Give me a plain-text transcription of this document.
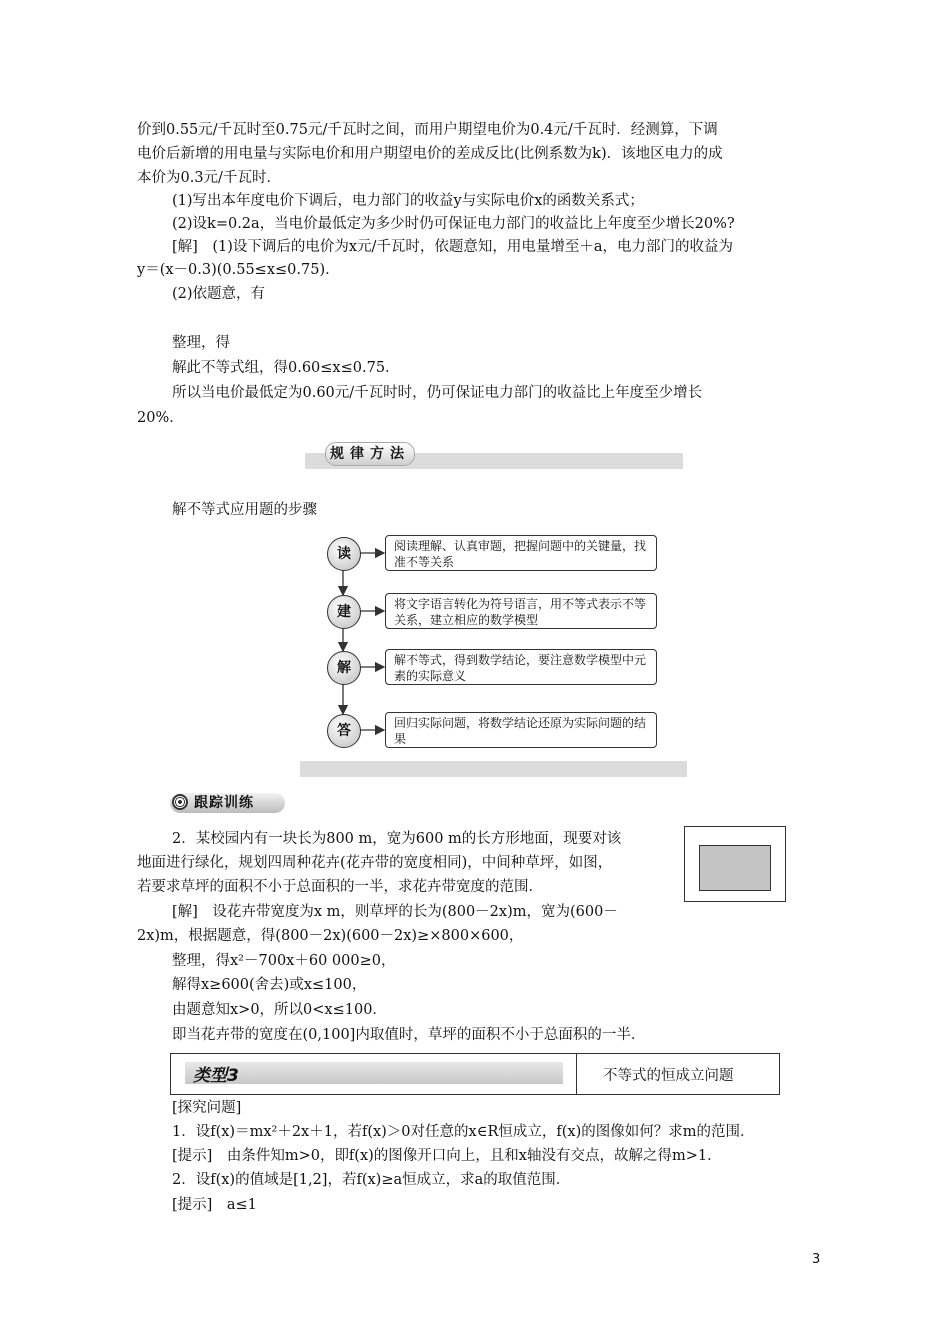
价到0.55元/千瓦时至0.75元/千瓦时之间，而用户期望电价为0.4元/千瓦时．经测算，下调
电价后新增的用电量与实际电价和用户期望电价的差成反比(比例系数为k)．该地区电力的成
本价为0.3元/千瓦时．
(1)写出本年度电价下调后，电力部门的收益y与实际电价x的函数关系式；
(2)设k=0.2a，当电价最低定为多少时仍可保证电力部门的收益比上年度至少增长20%?
[解]　(1)设下调后的电价为x元/千瓦时，依题意知，用电量增至＋a，电力部门的收益为
y＝(x－0.3)(0.55≤x≤0.75)．
(2)依题意，有
整理，得
解此不等式组，得0.60≤x≤0.75．
所以当电价最低定为0.60元/千瓦时时，仍可保证电力部门的收益比上年度至少增长
20%．
规律方法
解不等式应用题的步骤
读	阅读理解、认真审题，把握问题中的关键量，找准不等关系
建	将文字语言转化为符号语言，用不等式表示不等关系，建立相应的数学模型
解	解不等式，得到数学结论，要注意数学模型中元素的实际意义
答	回归实际问题，将数学结论还原为实际问题的结果
跟踪训练
2．某校园内有一块长为800 m，宽为600 m的长方形地面，现要对该
地面进行绿化，规划四周种花卉(花卉带的宽度相同)，中间种草坪，如图，
若要求草坪的面积不小于总面积的一半，求花卉带宽度的范围．
[解]　设花卉带宽度为x m，则草坪的长为(800－2x)m，宽为(600－
2x)m，根据题意，得(800－2x)(600－2x)≥×800×600，
整理，得x²－700x＋60 000≥0，
解得x≥600(舍去)或x≤100，
由题意知x>0，所以0<x≤100．
即当花卉带的宽度在(0,100]内取值时，草坪的面积不小于总面积的一半．
类型3	不等式的恒成立问题
[探究问题]
1．设f(x)＝mx²＋2x＋1，若f(x)＞0对任意的x∈R恒成立，f(x)的图像如何？求m的范围．
[提示]　由条件知m>0，即f(x)的图像开口向上，且和x轴没有交点，故解之得m>1．
2．设f(x)的值域是[1,2]，若f(x)≥a恒成立，求a的取值范围．
[提示]　a≤1
3
